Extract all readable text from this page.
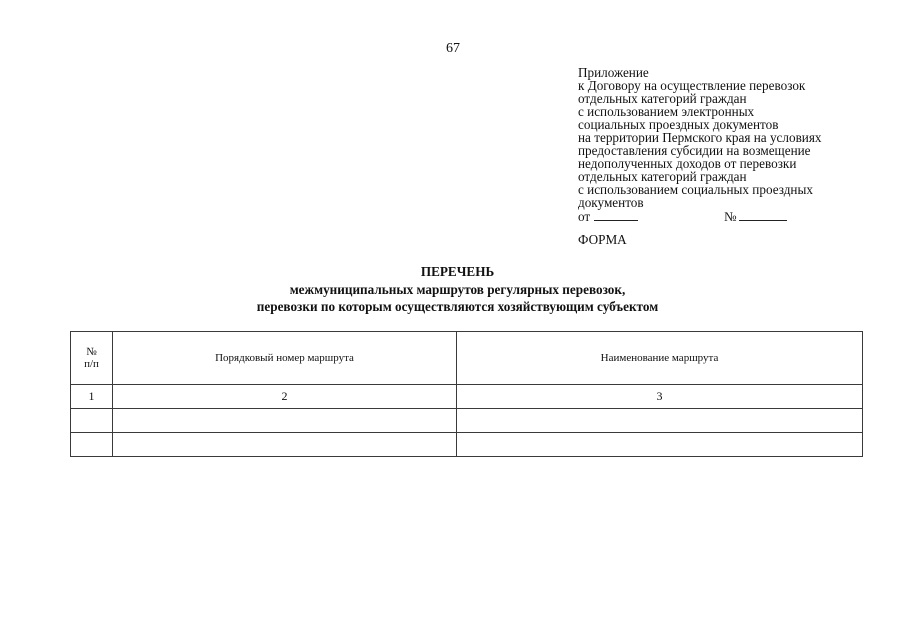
67
Приложение
к Договору на осуществление перевозок
отдельных категорий граждан
с использованием электронных
социальных проездных документов
на территории Пермского края на условиях
предоставления субсидии на возмещение
недополученных доходов от перевозки
отдельных категорий граждан
с использованием социальных проездных
документов
от	№
ФОРМА
ПЕРЕЧЕНЬ
межмуниципальных маршрутов регулярных перевозок,
перевозки по которым осуществляются хозяйствующим субъектом
№
п/п	Порядковый номер маршрута	Наименование маршрута
1	2	3
